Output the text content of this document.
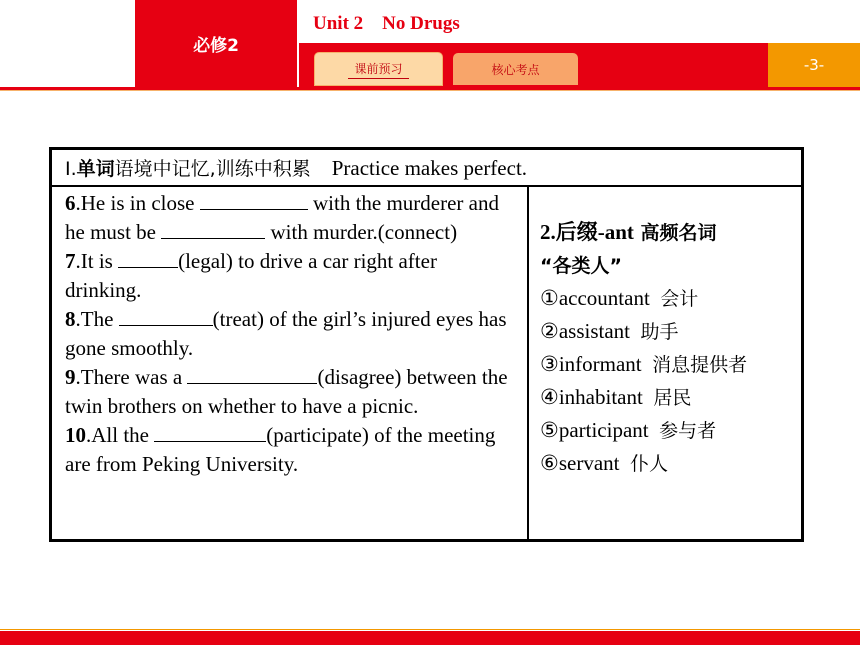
必修2
Unit 2    No Drugs
-3-
课前预习	核心考点
Ⅰ.单词语境中记忆,训练中积累 Practice makes perfect.

6.He is in close	with the murderer and he must be	with murder.(connect)

7.It is	(legal) to drive a car right after drinking.

8.The	(treat) of the girl’s injured eyes has gone smoothly.

9.There was a	(disagree) between the twin brothers on whether to have a picnic.

10.All the	(participate) of the meeting are from Peking University.

2.后缀-ant 高频名词

“各类人”

①accountant 会计

②assistant 助手

③informant 消息提供者

④inhabitant 居民

⑤participant 参与者

⑥servant 仆人
